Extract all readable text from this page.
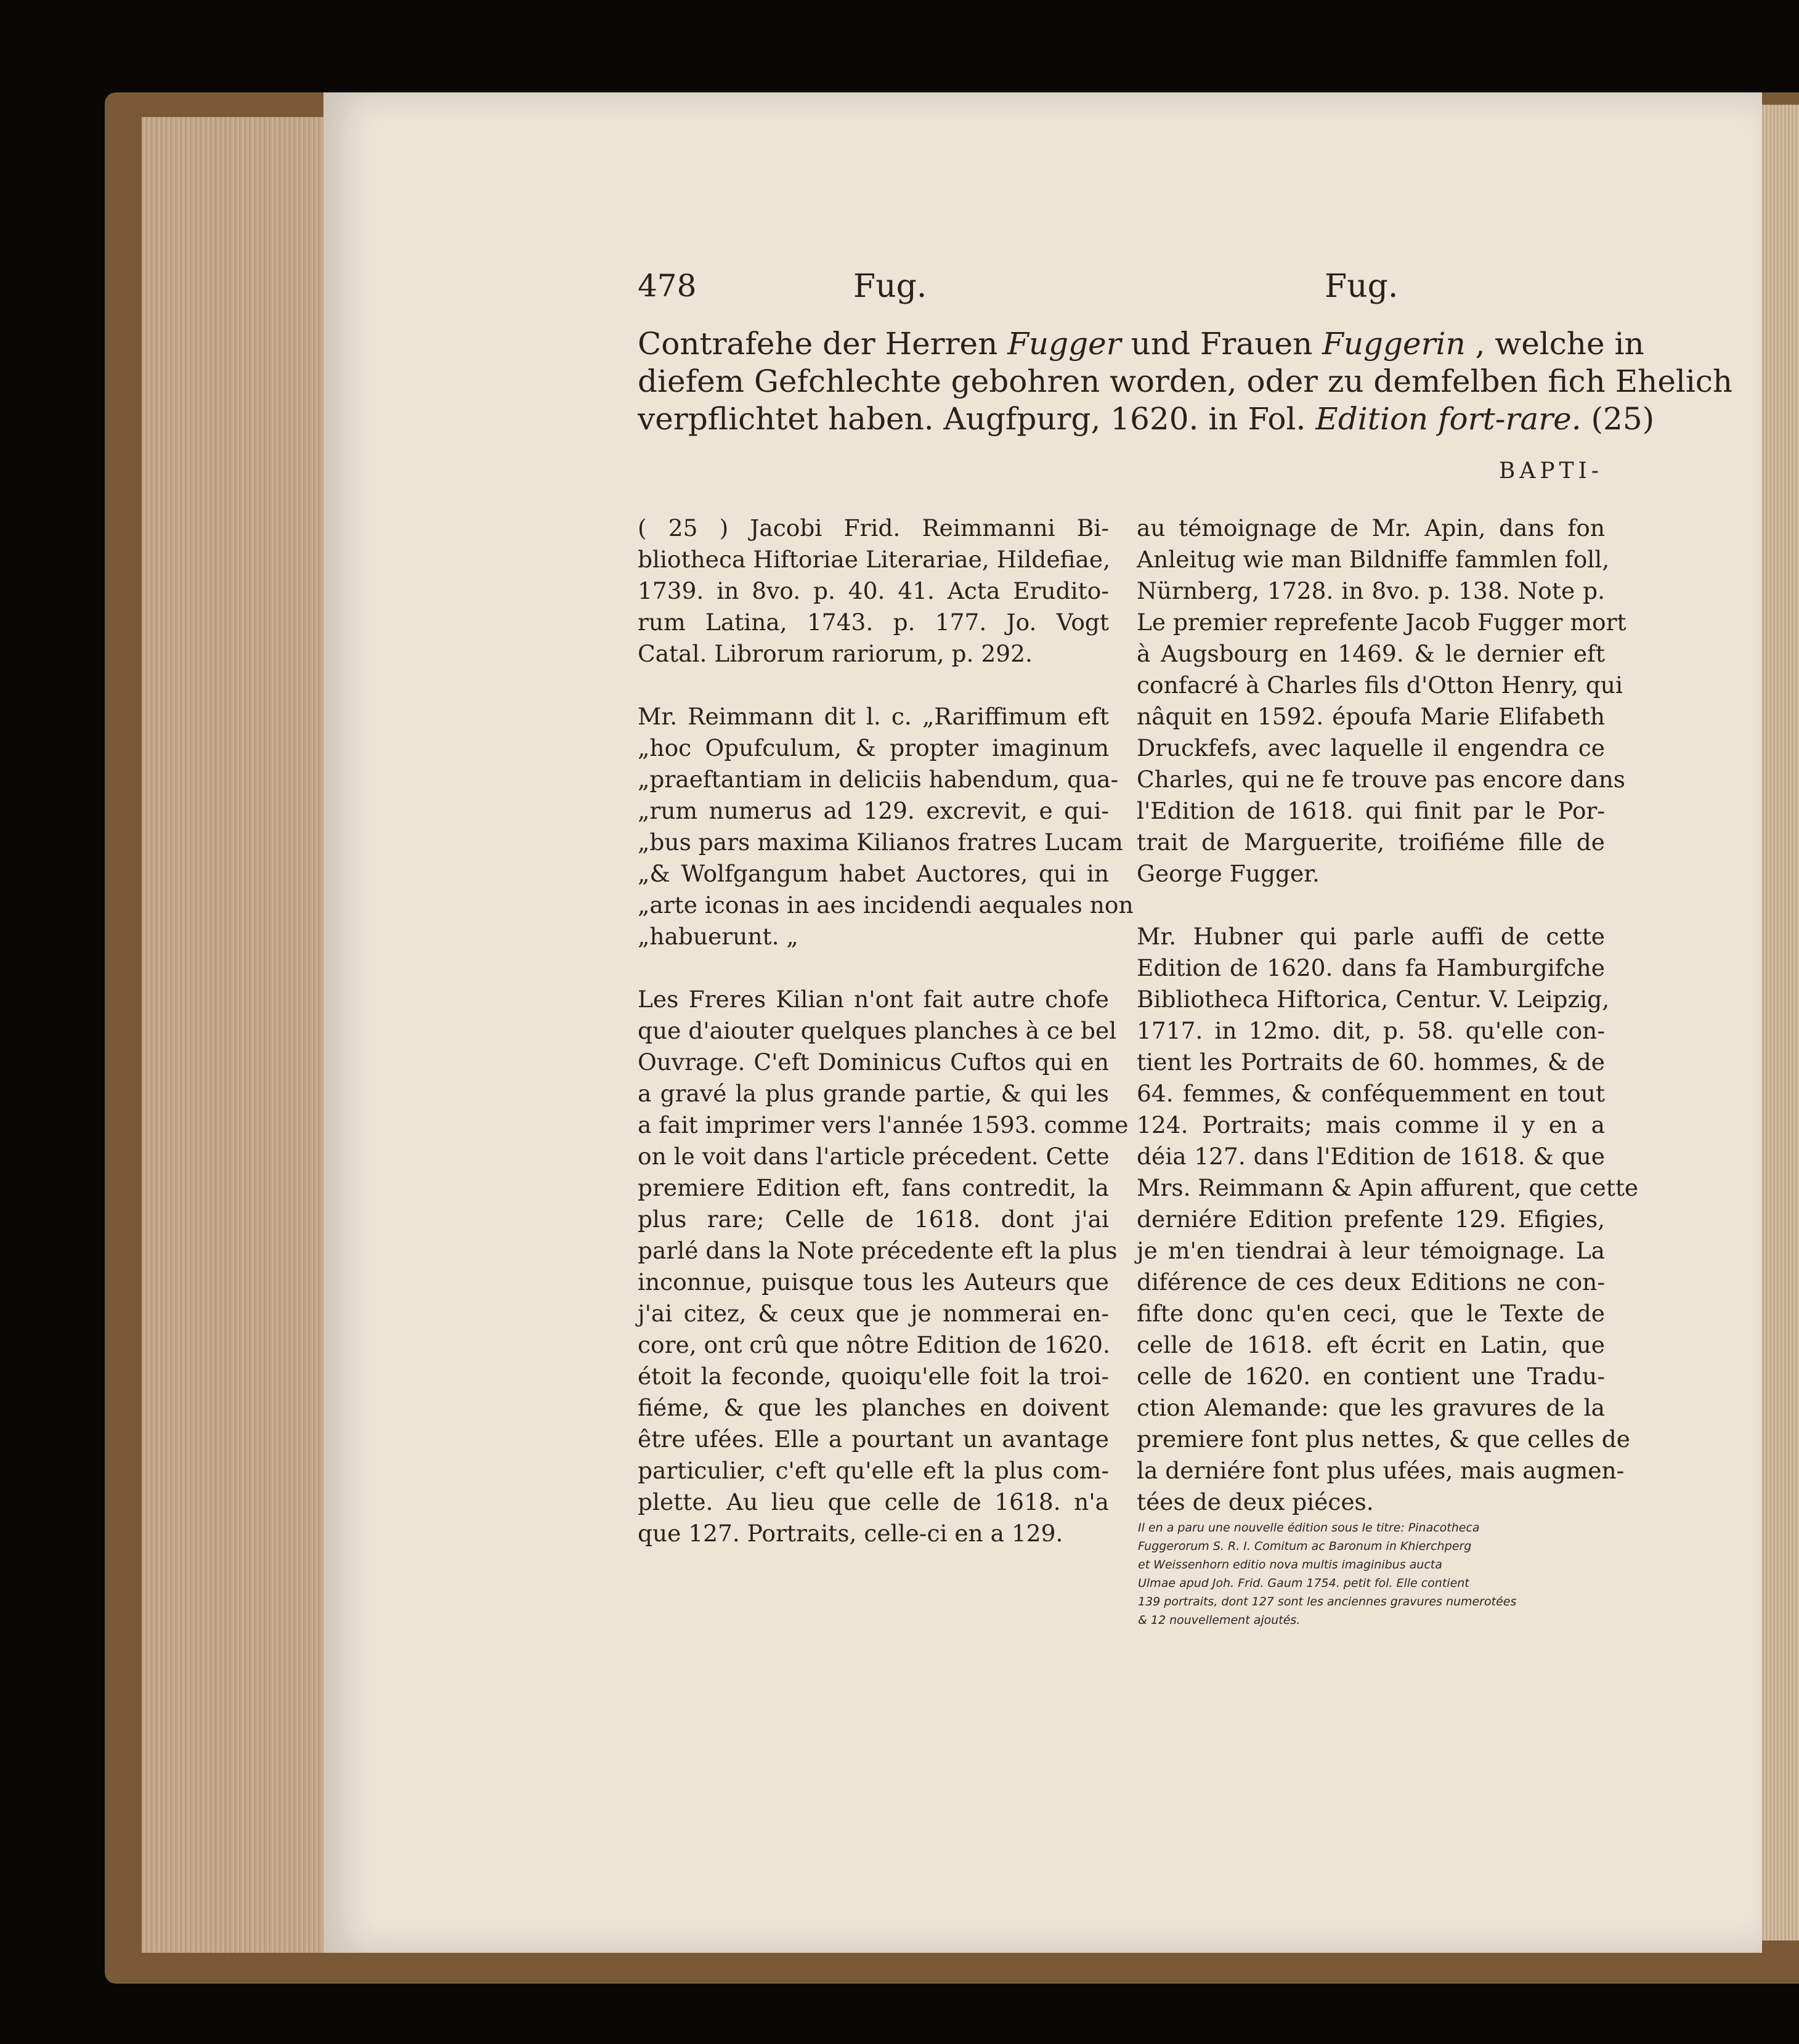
478	Fug.	Fug.
Contrafehe der Herren Fugger und Frauen Fuggerin , welche in
diefem Gefchlechte gebohren worden, oder zu demfelben fich Ehelich
verpflichtet haben. Augfpurg, 1620. in Fol. Edition fort-rare. (25)
BAPTI-
( 25 ) Jacobi Frid. Reimmanni Bi-
bliotheca Hiftoriae Literariae, Hildefiae,
1739. in 8vo. p. 40. 41. Acta Erudito-
rum Latina, 1743. p. 177. Jo. Vogt
Catal. Librorum rariorum, p. 292.

Mr. Reimmann dit l. c. „Rariffimum eft
„hoc Opufculum, & propter imaginum
„praeftantiam in deliciis habendum, qua-
„rum numerus ad 129. excrevit, e qui-
„bus pars maxima Kilianos fratres Lucam
„& Wolfgangum habet Auctores, qui in
„arte iconas in aes incidendi aequales non
„habuerunt. „

Les Freres Kilian n'ont fait autre chofe
que d'aiouter quelques planches à ce bel
Ouvrage. C'eft Dominicus Cuftos qui en
a gravé la plus grande partie, & qui les
a fait imprimer vers l'année 1593. comme
on le voit dans l'article précedent. Cette
premiere Edition eft, fans contredit, la
plus rare; Celle de 1618. dont j'ai
parlé dans la Note précedente eft la plus
inconnue, puisque tous les Auteurs que
j'ai citez, & ceux que je nommerai en-
core, ont crû que nôtre Edition de 1620.
étoit la feconde, quoiqu'elle foit la troi-
fiéme, & que les planches en doivent
être ufées. Elle a pourtant un avantage
particulier, c'eft qu'elle eft la plus com-
plette. Au lieu que celle de 1618. n'a
que 127. Portraits, celle-ci en a 129.
au témoignage de Mr. Apin, dans fon
Anleitug wie man Bildniffe fammlen foll,
Nürnberg, 1728. in 8vo. p. 138. Note p.
Le premier reprefente Jacob Fugger mort
à Augsbourg en 1469. & le dernier eft
confacré à Charles fils d'Otton Henry, qui
nâquit en 1592. époufa Marie Elifabeth
Druckfefs, avec laquelle il engendra ce
Charles, qui ne fe trouve pas encore dans
l'Edition de 1618. qui finit par le Por-
trait de Marguerite, troifiéme fille de
George Fugger.

Mr. Hubner qui parle auffi de cette
Edition de 1620. dans fa Hamburgifche
Bibliotheca Hiftorica, Centur. V. Leipzig,
1717. in 12mo. dit, p. 58. qu'elle con-
tient les Portraits de 60. hommes, & de
64. femmes, & conféquemment en tout
124. Portraits; mais comme il y en a
déia 127. dans l'Edition de 1618. & que
Mrs. Reimmann & Apin affurent, que cette
derniére Edition prefente 129. Efigies,
je m'en tiendrai à leur témoignage. La
diférence de ces deux Editions ne con-
fifte donc qu'en ceci, que le Texte de
celle de 1618. eft écrit en Latin, que
celle de 1620. en contient une Tradu-
ction Alemande: que les gravures de la
premiere font plus nettes, & que celles de
la derniére font plus ufées, mais augmen-
tées de deux piéces.
Il en a paru une nouvelle édition sous le titre: Pinacotheca
Fuggerorum S. R. I. Comitum ac Baronum in Khierchperg
et Weissenhorn editio nova multis imaginibus aucta
Ulmae apud Joh. Frid. Gaum 1754. petit fol. Elle contient
139 portraits, dont 127 sont les anciennes gravures numerotées
& 12 nouvellement ajoutés.
